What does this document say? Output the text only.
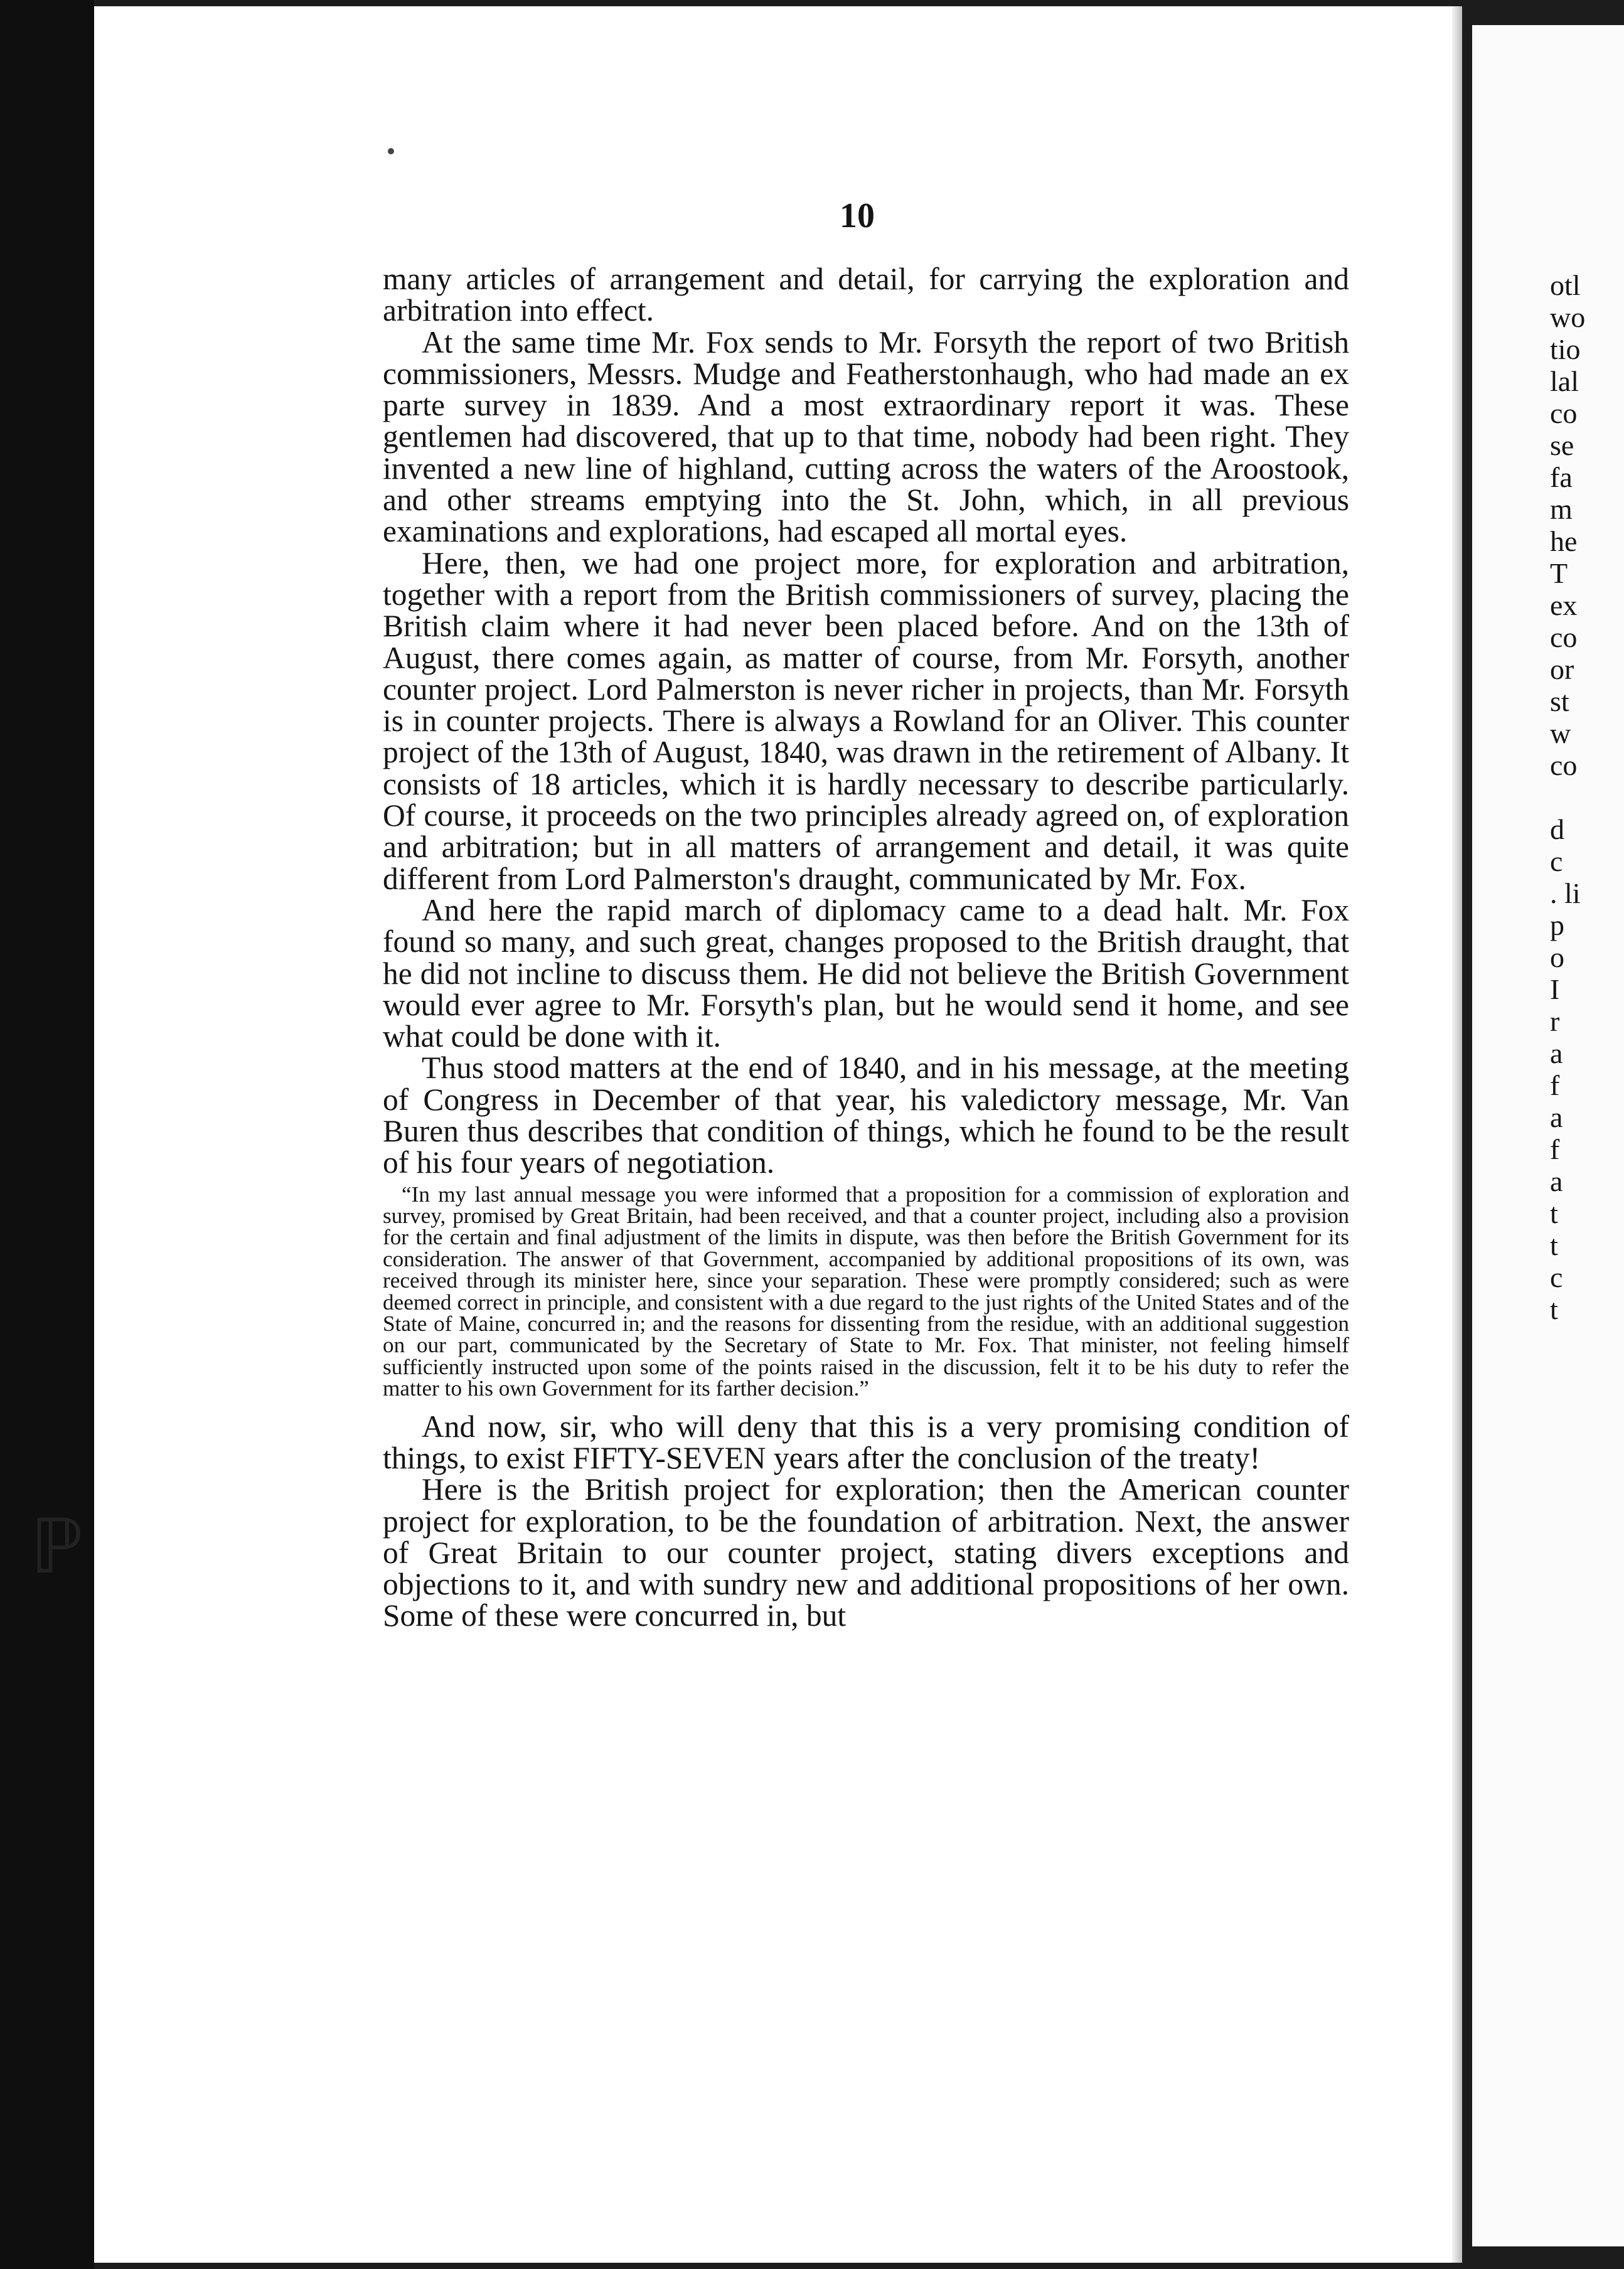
ℙ
10

many articles of arrangement and detail, for carrying the exploration and arbitration into effect.

At the same time Mr. Fox sends to Mr. Forsyth the report of two British commissioners, Messrs. Mudge and Featherstonhaugh, who had made an ex parte survey in 1839. And a most extraordinary report it was. These gentlemen had discovered, that up to that time, nobody had been right. They invented a new line of highland, cutting across the waters of the Aroostook, and other streams emptying into the St. John, which, in all previous examinations and explorations, had escaped all mortal eyes.

Here, then, we had one project more, for exploration and arbitration, together with a report from the British commissioners of survey, placing the British claim where it had never been placed before. And on the 13th of August, there comes again, as matter of course, from Mr. Forsyth, another counter project. Lord Palmerston is never richer in projects, than Mr. Forsyth is in counter projects. There is always a Rowland for an Oliver. This counter project of the 13th of August, 1840, was drawn in the retirement of Albany. It consists of 18 articles, which it is hardly necessary to describe particularly. Of course, it proceeds on the two principles already agreed on, of exploration and arbitration; but in all matters of arrangement and detail, it was quite different from Lord Palmerston's draught, communicated by Mr. Fox.

And here the rapid march of diplomacy came to a dead halt. Mr. Fox found so many, and such great, changes proposed to the British draught, that he did not incline to discuss them. He did not believe the British Government would ever agree to Mr. Forsyth's plan, but he would send it home, and see what could be done with it.

Thus stood matters at the end of 1840, and in his message, at the meeting of Congress in December of that year, his valedictory message, Mr. Van Buren thus describes that condition of things, which he found to be the result of his four years of negotiation.

“In my last annual message you were informed that a proposition for a commission of exploration and survey, promised by Great Britain, had been received, and that a counter project, including also a provision for the certain and final adjustment of the limits in dispute, was then before the British Government for its consideration. The answer of that Government, accompanied by additional propositions of its own, was received through its minister here, since your separation. These were promptly considered; such as were deemed correct in principle, and consistent with a due regard to the just rights of the United States and of the State of Maine, concurred in; and the reasons for dissenting from the residue, with an additional suggestion on our part, communicated by the Secretary of State to Mr. Fox. That minister, not feeling himself sufficiently instructed upon some of the points raised in the discussion, felt it to be his duty to refer the matter to his own Government for its farther decision.”

And now, sir, who will deny that this is a very promising condition of things, to exist FIFTY-SEVEN years after the conclusion of the treaty!

Here is the British project for exploration; then the American counter project for exploration, to be the foundation of arbitration. Next, the answer of Great Britain to our counter project, stating divers exceptions and objections to it, and with sundry new and additional propositions of her own. Some of these were concurred in, but

otl
wo
tio
lal
co
se
fa
m
he
T
ex
co
or
st
w
co
d
c
. li
p
o
I
r
a
f
a
f
a
t
t
c
t
